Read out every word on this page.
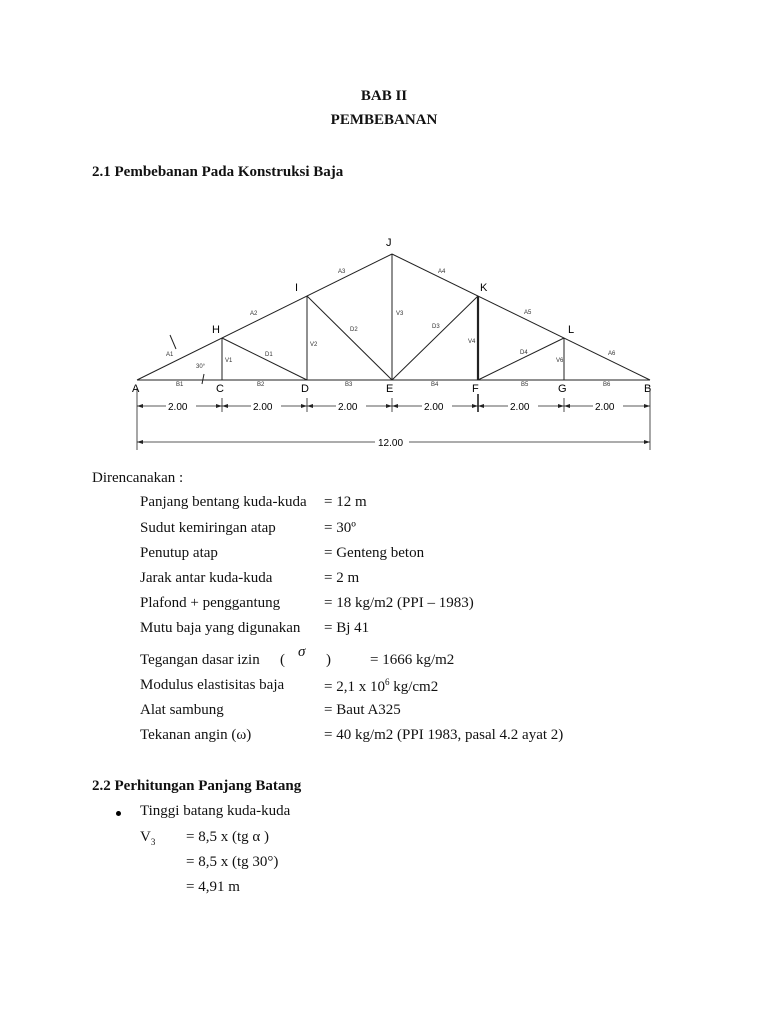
BAB II
PEMBEBANAN
2.1 Pembebanan Pada Konstruksi Baja
A	B
C	D	E	F	G
H
I
J
K
L
A1
A2
A3	A4
A5
A6
B1	B2	B3	B4	B5	B6
V1
V2
V3
V4
V6
D1
D2	D3
D4
30°
2.00	2.00	2.00	2.00	2.00	2.00
12.00
Direncanakan :
Panjang bentang kuda-kuda = 12 m
Sudut kemiringan atap	= 30º
Penutup atap	= Genteng beton
Jarak antar kuda-kuda	= 2 m
Plafond + penggantung	= 18 kg/m2 (PPI – 1983)
Mutu baja yang digunakan = Bj 41
Tegangan dasar izin ( σ )	= 1666 kg/m2
Modulus elastisitas baja	= 2,1 x $10^6$ kg/cm2
Alat sambung	= Baut A325
Tekanan angin (ω)	= 40 kg/m2 (PPI 1983, pasal 4.2 ayat 2)
2.2 Perhitungan Panjang Batang
Tinggi batang kuda-kuda
$V_3 = 8,5$ x (tg α )
= 8,5 x (tg 30°)
= 4,91 m
